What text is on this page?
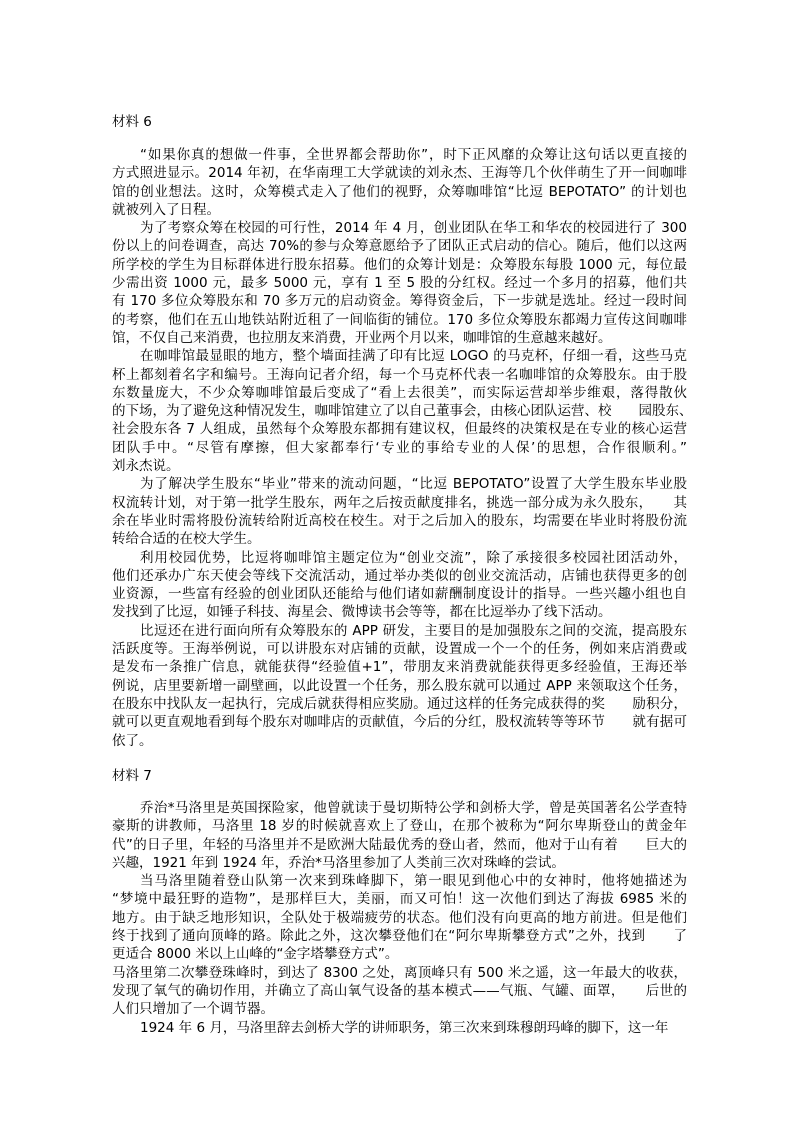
材料 6
“如果你真的想做一件事，全世界都会帮助你”，时下正风靡的众筹让这句话以更直接的
方式照进显示。2014 年初，在华南理工大学就读的刘永杰、王海等几个伙伴萌生了开一间咖啡
馆的创业想法。这时，众筹模式走入了他们的视野，众筹咖啡馆“比逗 BEPOTATO” 的计划也
就被列入了日程。
为了考察众筹在校园的可行性，2014 年 4 月，创业团队在华工和华农的校园进行了 300
份以上的问卷调查，高达 70%的参与众筹意愿给予了团队正式启动的信心。随后，他们以这两
所学校的学生为目标群体进行股东招募。他们的众筹计划是：众筹股东每股 1000 元，每位最
少需出资 1000 元，最多 5000 元，享有 1 至 5 股的分红权。经过一个多月的招募，他们共
有 170 多位众筹股东和 70 多万元的启动资金。筹得资金后，下一步就是选址。经过一段时间
的考察，他们在五山地铁站附近租了一间临街的铺位。170 多位众筹股东都竭力宣传这间咖啡
馆，不仅自己来消费，也拉朋友来消费，开业两个月以来，咖啡馆的生意越来越好。
在咖啡馆最显眼的地方，整个墙面挂满了印有比逗 LOGO 的马克杯，仔细一看，这些马克
杯上都刻着名字和编号。王海向记者介绍，每一个马克杯代表一名咖啡馆的众筹股东。由于股
东数量庞大，不少众筹咖啡馆最后变成了“看上去很美”，而实际运营却举步维艰，落得散伙
的下场，为了避免这种情况发生，咖啡馆建立了以自己董事会，由核心团队运营、校　　园股东、
社会股东各 7 人组成，虽然每个众筹股东都拥有建议权，但最终的决策权是在专业的核心运营
团队手中。“尽管有摩擦，但大家都奉行‘专业的事给专业的人保’的思想，合作很顺利。”
刘永杰说。
为了解决学生股东“毕业”带来的流动问题，“比逗 BEPOTATO”设置了大学生股东毕业股
权流转计划，对于第一批学生股东，两年之后按贡献度排名，挑选一部分成为永久股东，　　其
余在毕业时需将股份流转给附近高校在校生。对于之后加入的股东，均需要在毕业时将股份流
转给合适的在校大学生。
利用校园优势，比逗将咖啡馆主题定位为“创业交流”，除了承接很多校园社团活动外，
他们还承办广东天使会等线下交流活动，通过举办类似的创业交流活动，店铺也获得更多的创
业资源，一些富有经验的创业团队还能给与他们诸如薪酬制度设计的指导。一些兴趣小组也自
发找到了比逗，如锤子科技、海星会、微博读书会等等，都在比逗举办了线下活动。
比逗还在进行面向所有众筹股东的 APP 研发，主要目的是加强股东之间的交流，提高股东
活跃度等。王海举例说，可以讲股东对店铺的贡献，设置成一个一个的任务，例如来店消费或
是发布一条推广信息，就能获得“经验值+1”，带朋友来消费就能获得更多经验值，王海还举
例说，店里要新增一副壁画，以此设置一个任务，那么股东就可以通过 APP 来领取这个任务，
在股东中找队友一起执行，完成后就获得相应奖励。通过这样的任务完成获得的奖　　励积分，
就可以更直观地看到每个股东对咖啡店的贡献值，今后的分红，股权流转等等环节　　就有据可
依了。
材料 7
乔治*马洛里是英国探险家，他曾就读于曼切斯特公学和剑桥大学，曾是英国著名公学查特
豪斯的讲教师，马洛里 18 岁的时候就喜欢上了登山，在那个被称为“阿尔卑斯登山的黄金年
代”的日子里，年轻的马洛里并不是欧洲大陆最优秀的登山者，然而，他对于山有着　　巨大的
兴趣，1921 年到 1924 年，乔治*马洛里参加了人类前三次对珠峰的尝试。
当马洛里随着登山队第一次来到珠峰脚下，第一眼见到他心中的女神时，他将她描述为
“梦境中最狂野的造物”，是那样巨大，美丽，而又可怕！这一次他们到达了海拔 6985 米的
地方。由于缺乏地形知识，全队处于极端疲劳的状态。他们没有向更高的地方前进。但是他们
终于找到了通向顶峰的路。除此之外，这次攀登他们在“阿尔卑斯攀登方式”之外，找到　　了
更适合 8000 米以上山峰的“金字塔攀登方式”。
马洛里第二次攀登珠峰时，到达了 8300 之处，离顶峰只有 500 米之遥，这一年最大的收获，
发现了氧气的确切作用，并确立了高山氧气设备的基本模式——气瓶、气罐、面罩，　　后世的
人们只增加了一个调节器。
1924 年 6 月，马洛里辞去剑桥大学的讲师职务，第三次来到珠穆朗玛峰的脚下，这一年
